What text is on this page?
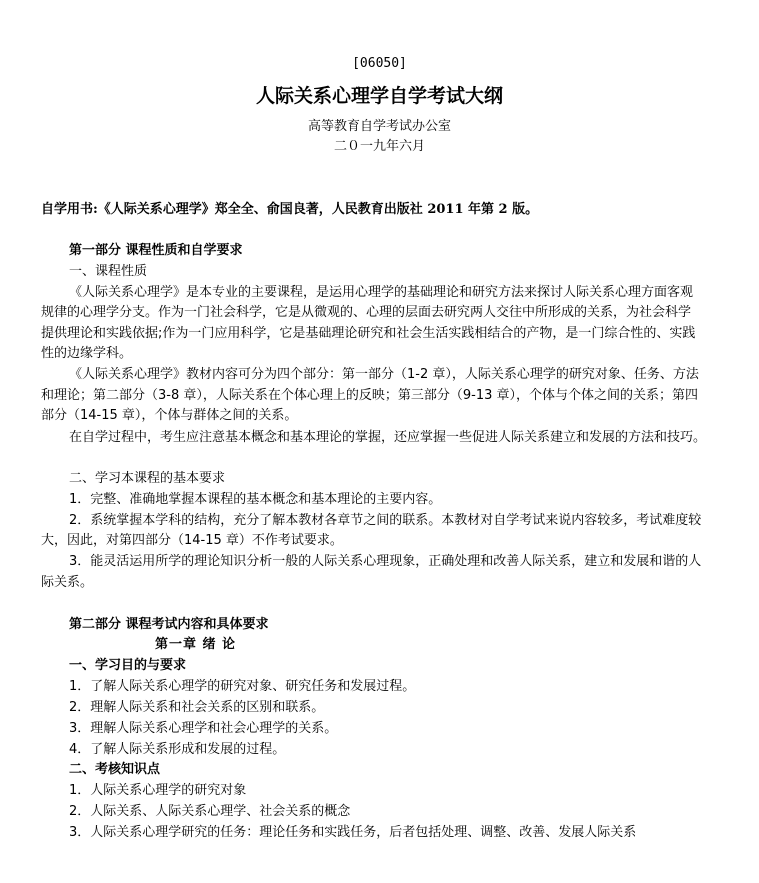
[06050]
人际关系心理学自学考试大纲
高等教育自学考试办公室
二０一九年六月
自学用书:《人际关系心理学》郑全全、俞国良著，人民教育出版社 2011 年第 2 版。
第一部分 课程性质和自学要求
一、课程性质
《人际关系心理学》是本专业的主要课程，是运用心理学的基础理论和研究方法来探讨人际关系心理方面客观
规律的心理学分支。作为一门社会科学，它是从微观的、心理的层面去研究两人交往中所形成的关系，为社会科学
提供理论和实践依据;作为一门应用科学，它是基础理论研究和社会生活实践相结合的产物，是一门综合性的、实践
性的边缘学科。
《人际关系心理学》教材内容可分为四个部分：第一部分（1-2 章），人际关系心理学的研究对象、任务、方法
和理论；第二部分（3-8 章），人际关系在个体心理上的反映；第三部分（9-13 章），个体与个体之间的关系；第四
部分（14-15 章），个体与群体之间的关系。
在自学过程中，考生应注意基本概念和基本理论的掌握，还应掌握一些促进人际关系建立和发展的方法和技巧。
二、学习本课程的基本要求
1．完整、准确地掌握本课程的基本概念和基本理论的主要内容。
2．系统掌握本学科的结构，充分了解本教材各章节之间的联系。本教材对自学考试来说内容较多，考试难度较
大，因此，对第四部分（14-15 章）不作考试要求。
3．能灵活运用所学的理论知识分析一般的人际关系心理现象，正确处理和改善人际关系，建立和发展和谐的人
际关系。
第二部分 课程考试内容和具体要求
第一章 绪 论
一、学习目的与要求
1．了解人际关系心理学的研究对象、研究任务和发展过程。
2．理解人际关系和社会关系的区别和联系。
3．理解人际关系心理学和社会心理学的关系。
4．了解人际关系形成和发展的过程。
二、考核知识点
1．人际关系心理学的研究对象
2．人际关系、人际关系心理学、社会关系的概念
3．人际关系心理学研究的任务：理论任务和实践任务，后者包括处理、调整、改善、发展人际关系
